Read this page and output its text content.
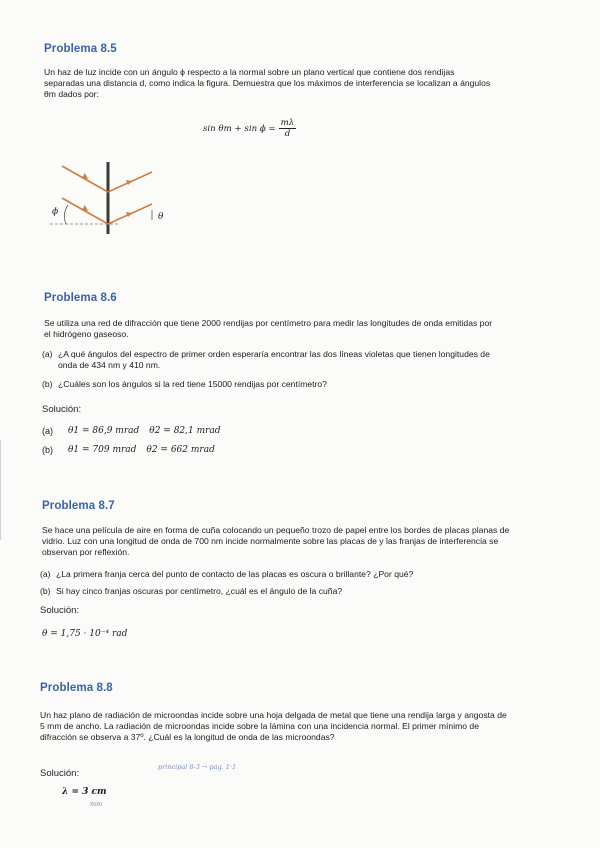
Problema 8.5
Un haz de luz incide con un ángulo ϕ respecto a la normal sobre un plano vertical que contiene dos rendijas separadas una distancia d, como indica la figura. Demuestra que los máximos de interferencia se localizan a ángulos θm dados por:
$\sin \theta m + \sin \phi = \frac{m\lambda}{d}$
ϕ	θ
Problema 8.6
Se utiliza una red de difracción que tiene 2000 rendijas por centímetro para medir las longitudes de onda emitidas por el hidrógeno gaseoso.
(a) ¿A qué ángulos del espectro de primer orden esperaría encontrar las dos líneas violetas que tienen longitudes de onda de 434 nm y 410 nm.
(b) ¿Cuáles son los ángulos si la red tiene 15000 rendijas por centímetro?
Solución:
(a)	θ1 = 86,9 mrad θ2 = 82,1 mrad
(b)	θ1 = 709 mrad θ2 = 662 mrad
Problema 8.7
Se hace una película de aire en forma de cuña colocando un pequeño trozo de papel entre los bordes de placas planas de vidrio. Luz con una longitud de onda de 700 nm incide normalmente sobre las placas de y las franjas de interferencia se observan por reflexión.
(a) ¿La primera franja cerca del punto de contacto de las placas es oscura o brillante? ¿Por qué?
(b) Si hay cinco franjas oscuras por centímetro, ¿cuál es el ángulo de la cuña?
Solución:
θ = 1,75 · 10⁻⁴ rad
Problema 8.8
Un haz plano de radiación de microondas incide sobre una hoja delgada de metal que tiene una rendija larga y angosta de 5 mm de ancho. La radiación de microondas incide sobre la lámina con una incidencia normal. El primer mínimo de difracción se observa a 37º. ¿Cuál es la longitud de onda de las microondas?
Solución:
λ = 3 cm
principal 8-3 → pág. 1·1
mm
